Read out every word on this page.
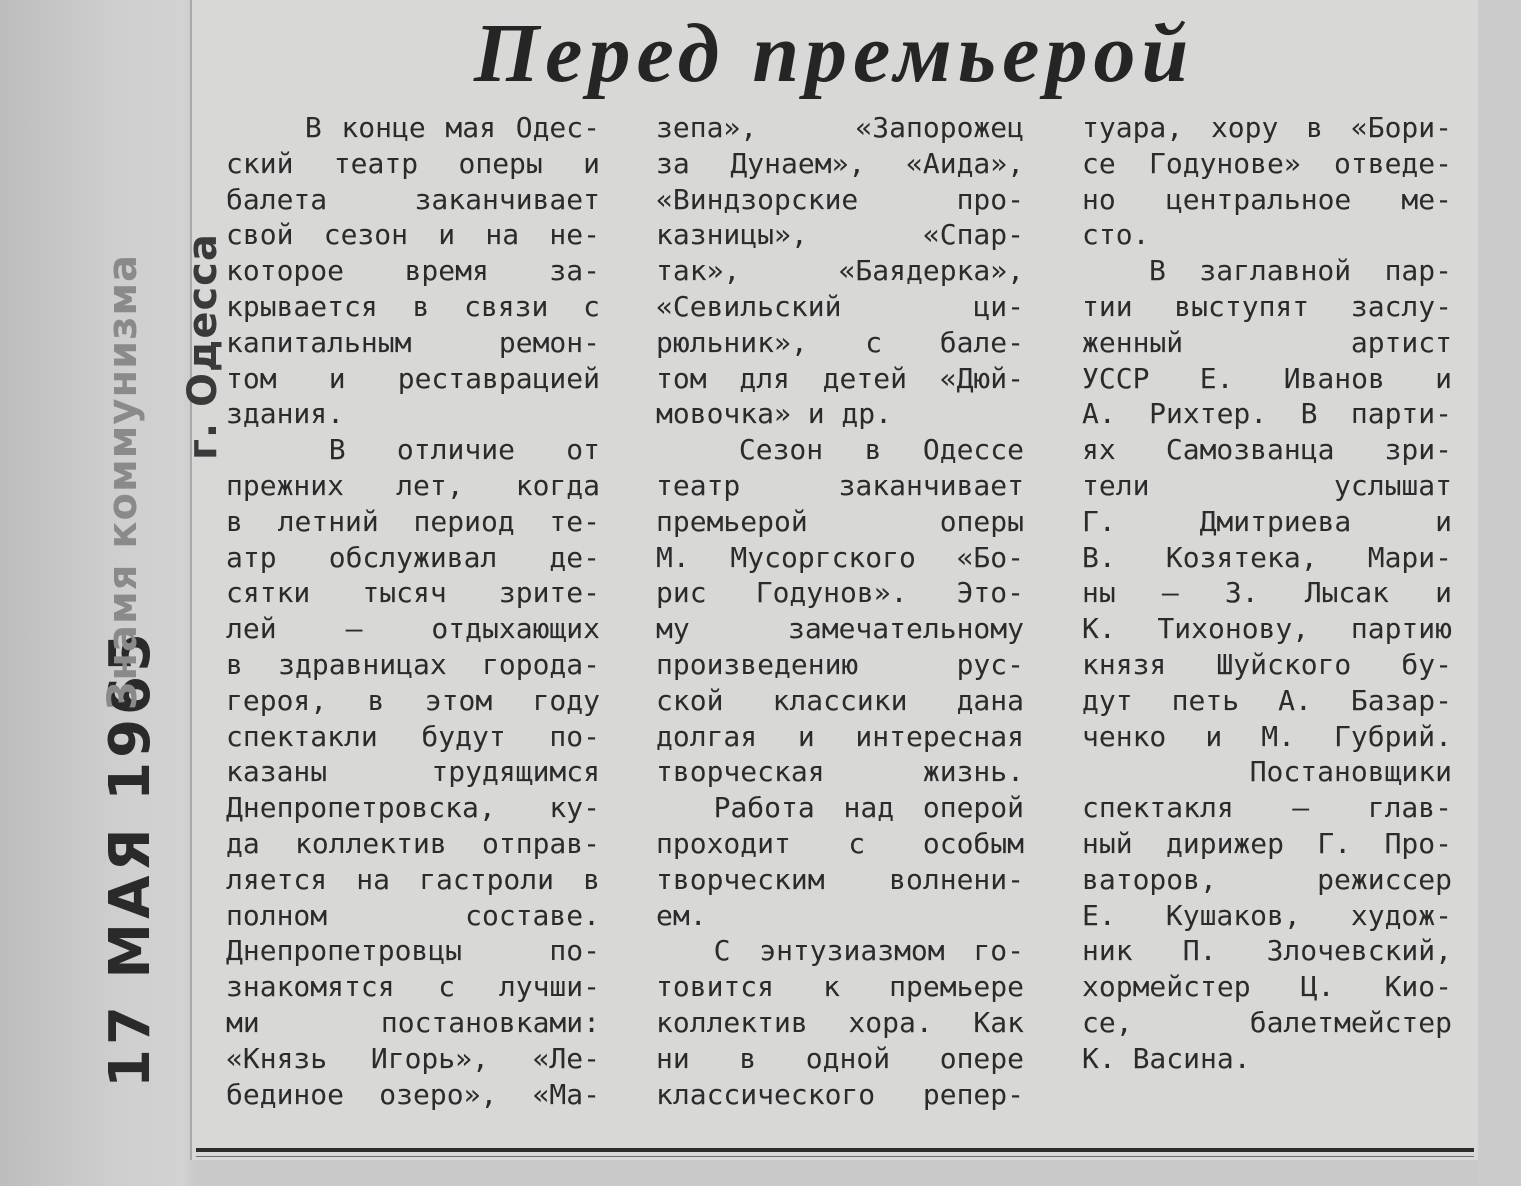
17 МАЯ 1965
Знамя коммунизма г. Одесса
Перед премьерой

В конце мая Одес-

ский театр оперы и

балета заканчивает

свой сезон и на не-

которое время за-

крывается в связи с

капитальным ремон-

том и реставрацией

здания.

В отличие от

прежних лет, когда

в летний период те-

атр обслуживал де-

сятки тысяч зрите-

лей — отдыхающих

в здравницах города-

героя, в этом году

спектакли будут по-

казаны трудящимся

Днепропетровска, ку-

да коллектив отправ-

ляется на гастроли в

полном составе.

Днепропетровцы по-

знакомятся с лучши-

ми постановками:

«Князь Игорь», «Ле-

бединое озеро», «Ма-

зепа», «Запорожец

за Дунаем», «Аида»,

«Виндзорские про-

казницы», «Спар-

так», «Баядерка»,

«Севильский ци-

рюльник», с бале-

том для детей «Дюй-

мовочка» и др.

Сезон в Одессе

театр заканчивает

премьерой оперы

М. Мусоргского «Бо-

рис Годунов». Это-

му замечательному

произведению рус-

ской классики дана

долгая и интересная

творческая жизнь.

Работа над оперой

проходит с особым

творческим волнени-

ем.

С энтузиазмом го-

товится к премьере

коллектив хора. Как

ни в одной опере

классического репер-

туара, хору в «Бори-

се Годунове» отведе-

но центральное ме-

сто.

В заглавной пар-

тии выступят заслу-

женный артист

УССР Е. Иванов и

А. Рихтер. В парти-

ях Самозванца зри-

тели услышат

Г. Дмитриева и

В. Козятека, Мари-

ны — З. Лысак и

К. Тихонову, партию

князя Шуйского бу-

дут петь А. Базар-

ченко и М. Губрий.

Постановщики

спектакля — глав-

ный дирижер Г. Про-

ваторов, режиссер

Е. Кушаков, худож-

ник П. Злочевский,

хормейстер Ц. Кио-

се, балетмейстер

К. Васина.
